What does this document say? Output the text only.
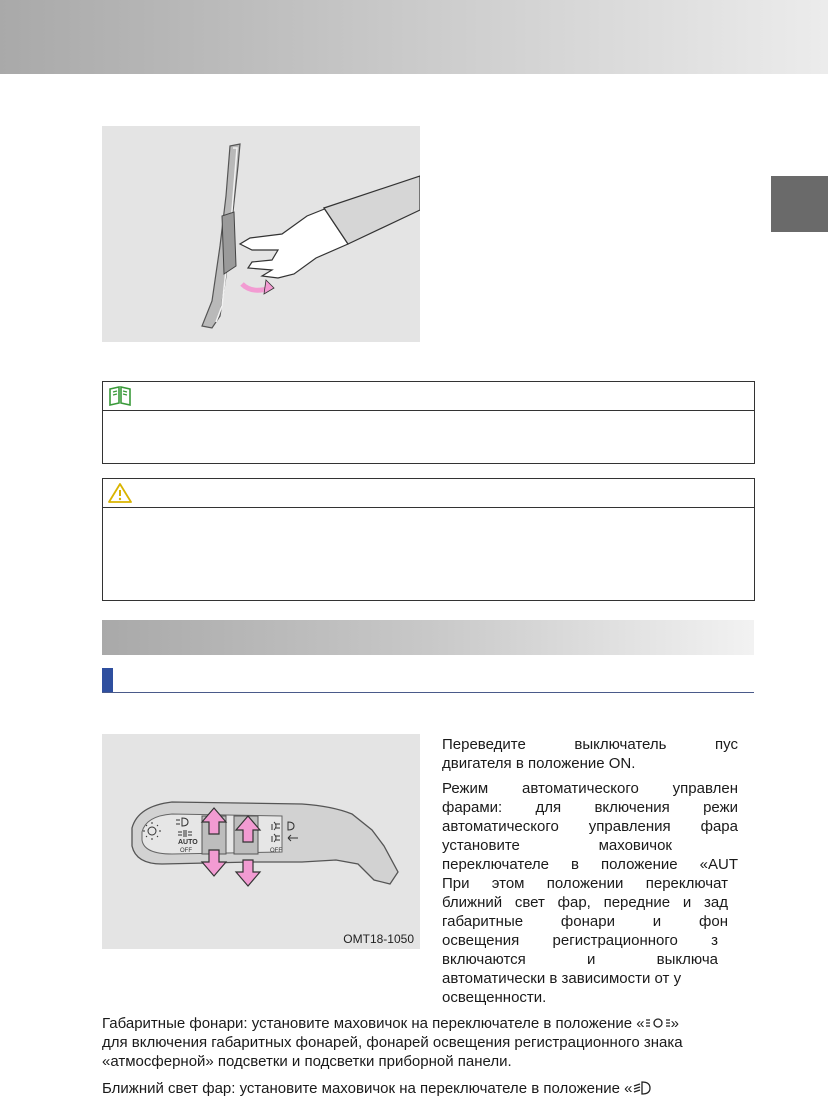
AUTO
OFF	OFF
OMT18-1050

Переведите выключатель пус

двигателя в положение ON.

Режим автоматического управлен

фарами: для включения режи

автоматического управления фара

установите маховичок

переключателе в положение «AUT

При этом положении переключат

ближний свет фар, передние и зад

габаритные фонари и фон

освещения регистрационного з

включаются и выключа

автоматически в зависимости от у

освещенности.

Габаритные фонари: установите маховичок на переключателе в положение « »

для включения габаритных фонарей, фонарей освещения регистрационного знака

«атмосферной» подсветки и подсветки приборной панели.

Ближний свет фар: установите маховичок на переключателе в положение «
